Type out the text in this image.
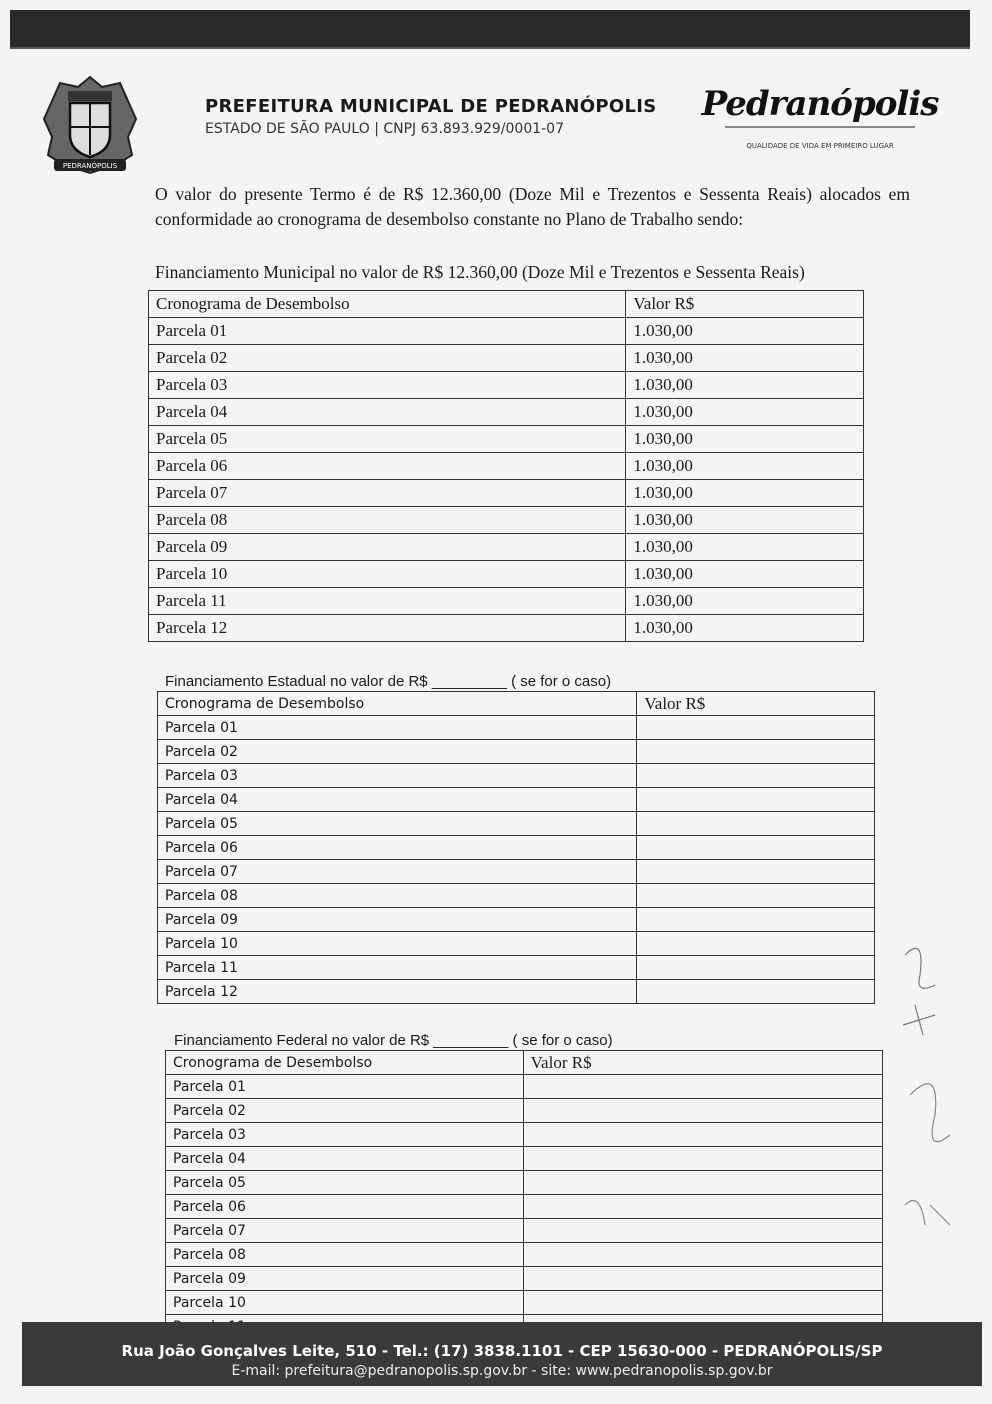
PEDRANÓPOLIS
PREFEITURA MUNICIPAL DE PEDRANÓPOLIS
ESTADO DE SÃO PAULO | CNPJ 63.893.929/0001-07
Pedranópolis
QUALIDADE DE VIDA EM PRIMEIRO LUGAR
O valor do presente Termo é de R$ 12.360,00 (Doze Mil e Trezentos e Sessenta Reais) alocados em conformidade ao cronograma de desembolso constante no Plano de Trabalho sendo:
Financiamento Municipal no valor de R$ 12.360,00 (Doze Mil e Trezentos e Sessenta Reais)
Cronograma de Desembolso	Valor R$
Parcela 01	1.030,00
Parcela 02	1.030,00
Parcela 03	1.030,00
Parcela 04	1.030,00
Parcela 05	1.030,00
Parcela 06	1.030,00
Parcela 07	1.030,00
Parcela 08	1.030,00
Parcela 09	1.030,00
Parcela 10	1.030,00
Parcela 11	1.030,00
Parcela 12	1.030,00
Financiamento Estadual no valor de R$ _________ ( se for o caso)
Cronograma de Desembolso	Valor R$
Parcela 01	
Parcela 02	
Parcela 03	
Parcela 04	
Parcela 05	
Parcela 06	
Parcela 07	
Parcela 08	
Parcela 09	
Parcela 10	
Parcela 11	
Parcela 12	
Financiamento Federal no valor de R$ _________ ( se for o caso)
Cronograma de Desembolso	Valor R$
Parcela 01	
Parcela 02	
Parcela 03	
Parcela 04	
Parcela 05	
Parcela 06	
Parcela 07	
Parcela 08	
Parcela 09	
Parcela 10	

Rua João Gonçalves Leite, 510 - Tel.: (17) 3838.1101 - CEP 15630-000 - PEDRANÓPOLIS/SP
E-mail: prefeitura@pedranopolis.sp.gov.br - site: www.pedranopolis.sp.gov.br
